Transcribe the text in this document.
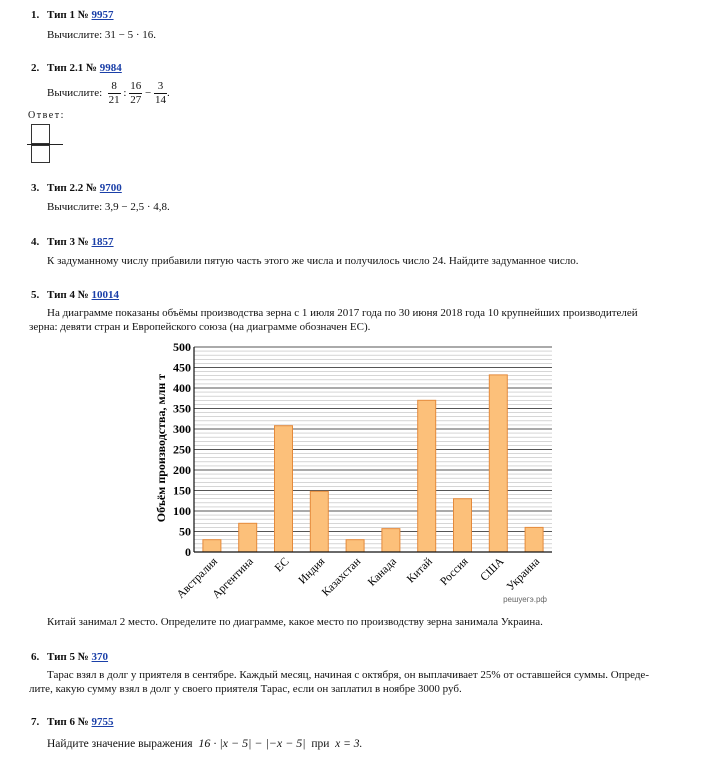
1. Тип 1 № 9957
Вычислите: 31 − 5 · 16.
2. Тип 2.1 № 9984
Вычислите: $\frac{8}{21}$ : $\frac{16}{27} - \frac{3}{14}$ .
Ответ:
3. Тип 2.2 № 9700
Вычислите: 3,9 − 2,5 · 4,8.
4. Тип 3 № 1857
К задуманному числу прибавили пятую часть этого же числа и получилось число 24. Найдите задуманное число.
5. Тип 4 № 10014
На диаграмме показаны объёмы производства зерна с 1 июля 2017 года по 30 июня 2018 года 10 крупнейших производителей
зерна: девяти стран и Европейского союза (на диаграмме обозначен ЕС).
0
50
100
150
200
250
300
350
400
450
500
Австралия
Аргентина ЕС Индия
Казахстан Канада Китай Россия США
Украина
Объём производства, млн т
решуегэ.рф
Китай занимал 2 место. Определите по диаграмме, какое место по производству зерна занимала Украина.
6. Тип 5 № 370
Тарас взял в долг у приятеля в сентябре. Каждый месяц, начиная с октября, он выплачивает 25% от оставшейся суммы. Опреде-
лите, какую сумму взял в долг у своего приятеля Тарас, если он заплатил в ноябре 3000 руб.
7. Тип 6 № 9755
Найдите значение выражения 16 · |x − 5| − |−x − 5| при x = 3.
